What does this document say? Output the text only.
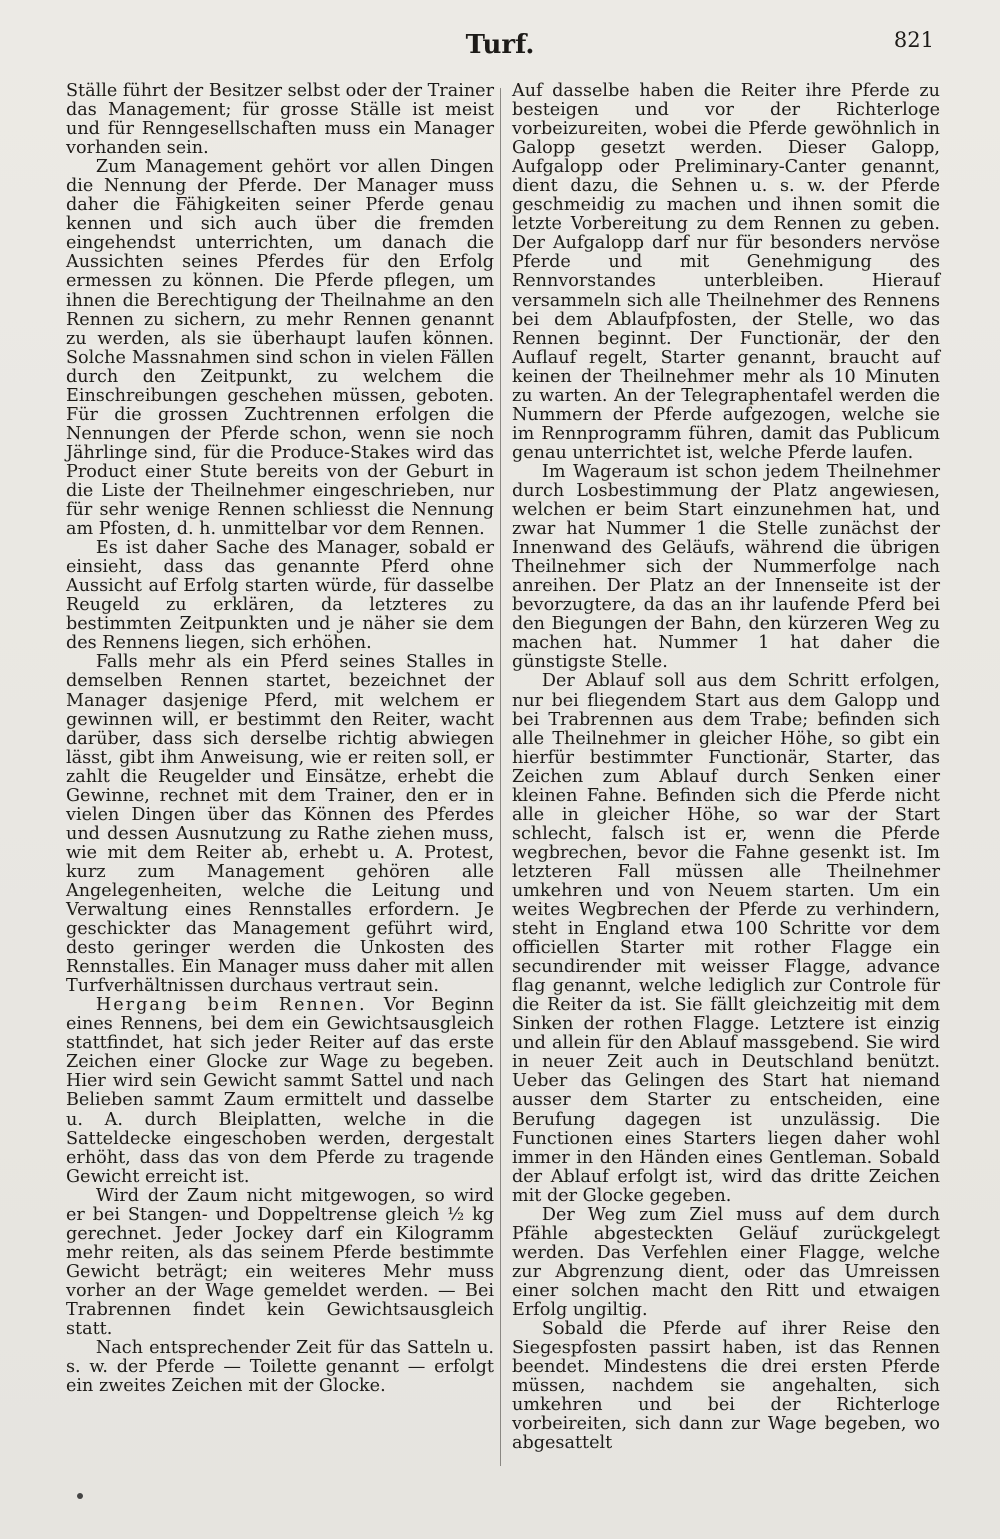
Turf.	821

Ställe führt der Besitzer selbst oder der Trainer das Management; für grosse Ställe ist meist und für Renngesellschaften muss ein Manager vorhanden sein.

Zum Management gehört vor allen Dingen die Nennung der Pferde. Der Manager muss daher die Fähigkeiten seiner Pferde genau kennen und sich auch über die fremden eingehendst unterrichten, um danach die Aussichten seines Pferdes für den Erfolg ermessen zu können. Die Pferde pflegen, um ihnen die Berechtigung der Theilnahme an den Rennen zu sichern, zu mehr Rennen genannt zu werden, als sie überhaupt laufen können. Solche Massnahmen sind schon in vielen Fällen durch den Zeitpunkt, zu welchem die Einschreibungen geschehen müssen, geboten. Für die grossen Zuchtrennen erfolgen die Nennungen der Pferde schon, wenn sie noch Jährlinge sind, für die Produce-Stakes wird das Product einer Stute bereits von der Geburt in die Liste der Theilnehmer eingeschrieben, nur für sehr wenige Rennen schliesst die Nennung am Pfosten, d. h. unmittelbar vor dem Rennen.

Es ist daher Sache des Manager, sobald er einsieht, dass das genannte Pferd ohne Aussicht auf Erfolg starten würde, für dasselbe Reugeld zu erklären, da letzteres zu bestimmten Zeitpunkten und je näher sie dem des Rennens liegen, sich erhöhen.

Falls mehr als ein Pferd seines Stalles in demselben Rennen startet, bezeichnet der Manager dasjenige Pferd, mit welchem er gewinnen will, er bestimmt den Reiter, wacht darüber, dass sich derselbe richtig abwiegen lässt, gibt ihm Anweisung, wie er reiten soll, er zahlt die Reugelder und Einsätze, erhebt die Gewinne, rechnet mit dem Trainer, den er in vielen Dingen über das Können des Pferdes und dessen Ausnutzung zu Rathe ziehen muss, wie mit dem Reiter ab, erhebt u. A. Protest, kurz zum Management gehören alle Angelegenheiten, welche die Leitung und Verwaltung eines Rennstalles erfordern. Je geschickter das Management geführt wird, desto geringer werden die Unkosten des Rennstalles. Ein Manager muss daher mit allen Turfverhältnissen durchaus vertraut sein.

Hergang beim Rennen. Vor Beginn eines Rennens, bei dem ein Gewichtsausgleich stattfindet, hat sich jeder Reiter auf das erste Zeichen einer Glocke zur Wage zu begeben. Hier wird sein Gewicht sammt Sattel und nach Belieben sammt Zaum ermittelt und dasselbe u. A. durch Bleiplatten, welche in die Satteldecke eingeschoben werden, dergestalt erhöht, dass das von dem Pferde zu tragende Gewicht erreicht ist.

Wird der Zaum nicht mitgewogen, so wird er bei Stangen- und Doppeltrense gleich ½ kg gerechnet. Jeder Jockey darf ein Kilogramm mehr reiten, als das seinem Pferde bestimmte Gewicht beträgt; ein weiteres Mehr muss vorher an der Wage gemeldet werden. — Bei Trabrennen findet kein Gewichtsausgleich statt.

Nach entsprechender Zeit für das Satteln u. s. w. der Pferde — Toilette genannt — erfolgt ein zweites Zeichen mit der Glocke.

Auf dasselbe haben die Reiter ihre Pferde zu besteigen und vor der Richterloge vorbeizureiten, wobei die Pferde gewöhnlich in Galopp gesetzt werden. Dieser Galopp, Aufgalopp oder Preliminary-Canter genannt, dient dazu, die Sehnen u. s. w. der Pferde geschmeidig zu machen und ihnen somit die letzte Vorbereitung zu dem Rennen zu geben. Der Aufgalopp darf nur für besonders nervöse Pferde und mit Genehmigung des Rennvorstandes unterbleiben. Hierauf versammeln sich alle Theilnehmer des Rennens bei dem Ablaufpfosten, der Stelle, wo das Rennen beginnt. Der Functionär, der den Auflauf regelt, Starter genannt, braucht auf keinen der Theilnehmer mehr als 10 Minuten zu warten. An der Telegraphentafel werden die Nummern der Pferde aufgezogen, welche sie im Rennprogramm führen, damit das Publicum genau unterrichtet ist, welche Pferde laufen.

Im Wageraum ist schon jedem Theilnehmer durch Losbestimmung der Platz angewiesen, welchen er beim Start einzunehmen hat, und zwar hat Nummer 1 die Stelle zunächst der Innenwand des Geläufs, während die übrigen Theilnehmer sich der Nummerfolge nach anreihen. Der Platz an der Innenseite ist der bevorzugtere, da das an ihr laufende Pferd bei den Biegungen der Bahn, den kürzeren Weg zu machen hat. Nummer 1 hat daher die günstigste Stelle.

Der Ablauf soll aus dem Schritt erfolgen, nur bei fliegendem Start aus dem Galopp und bei Trabrennen aus dem Trabe; befinden sich alle Theilnehmer in gleicher Höhe, so gibt ein hierfür bestimmter Functionär, Starter, das Zeichen zum Ablauf durch Senken einer kleinen Fahne. Befinden sich die Pferde nicht alle in gleicher Höhe, so war der Start schlecht, falsch ist er, wenn die Pferde wegbrechen, bevor die Fahne gesenkt ist. Im letzteren Fall müssen alle Theilnehmer umkehren und von Neuem starten. Um ein weites Wegbrechen der Pferde zu verhindern, steht in England etwa 100 Schritte vor dem officiellen Starter mit rother Flagge ein secundirender mit weisser Flagge, advance flag genannt, welche lediglich zur Controle für die Reiter da ist. Sie fällt gleichzeitig mit dem Sinken der rothen Flagge. Letztere ist einzig und allein für den Ablauf massgebend. Sie wird in neuer Zeit auch in Deutschland benützt. Ueber das Gelingen des Start hat niemand ausser dem Starter zu entscheiden, eine Berufung dagegen ist unzulässig. Die Functionen eines Starters liegen daher wohl immer in den Händen eines Gentleman. Sobald der Ablauf erfolgt ist, wird das dritte Zeichen mit der Glocke gegeben.

Der Weg zum Ziel muss auf dem durch Pfähle abgesteckten Geläuf zurückgelegt werden. Das Verfehlen einer Flagge, welche zur Abgrenzung dient, oder das Umreissen einer solchen macht den Ritt und etwaigen Erfolg ungiltig.

Sobald die Pferde auf ihrer Reise den Siegespfosten passirt haben, ist das Rennen beendet. Mindestens die drei ersten Pferde müssen, nachdem sie angehalten, sich umkehren und bei der Richterloge vorbeireiten, sich dann zur Wage begeben, wo abgesattelt
